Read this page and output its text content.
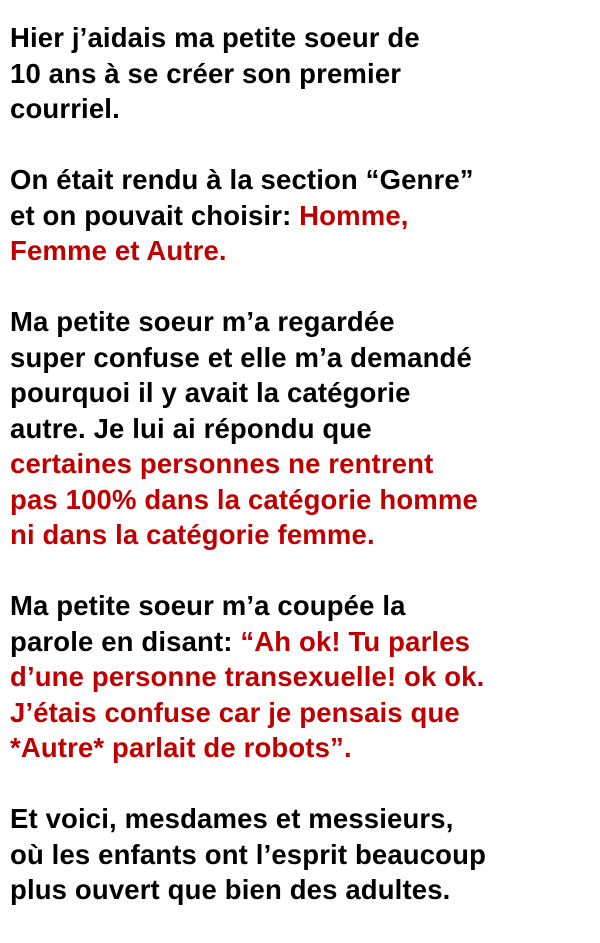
Hier j’aidais ma petite soeur de
10 ans à se créer son premier
courriel.
On était rendu à la section “Genre”
et on pouvait choisir: Homme,
Femme et Autre.
Ma petite soeur m’a regardée
super confuse et elle m’a demandé
pourquoi il y avait la catégorie
autre. Je lui ai répondu que
certaines personnes ne rentrent
pas 100% dans la catégorie homme
ni dans la catégorie femme.
Ma petite soeur m’a coupée la
parole en disant: “Ah ok! Tu parles
d’une personne transexuelle! ok ok.
J’étais confuse car je pensais que
*Autre* parlait de robots”.
Et voici, mesdames et messieurs,
où les enfants ont l’esprit beaucoup
plus ouvert que bien des adultes.
